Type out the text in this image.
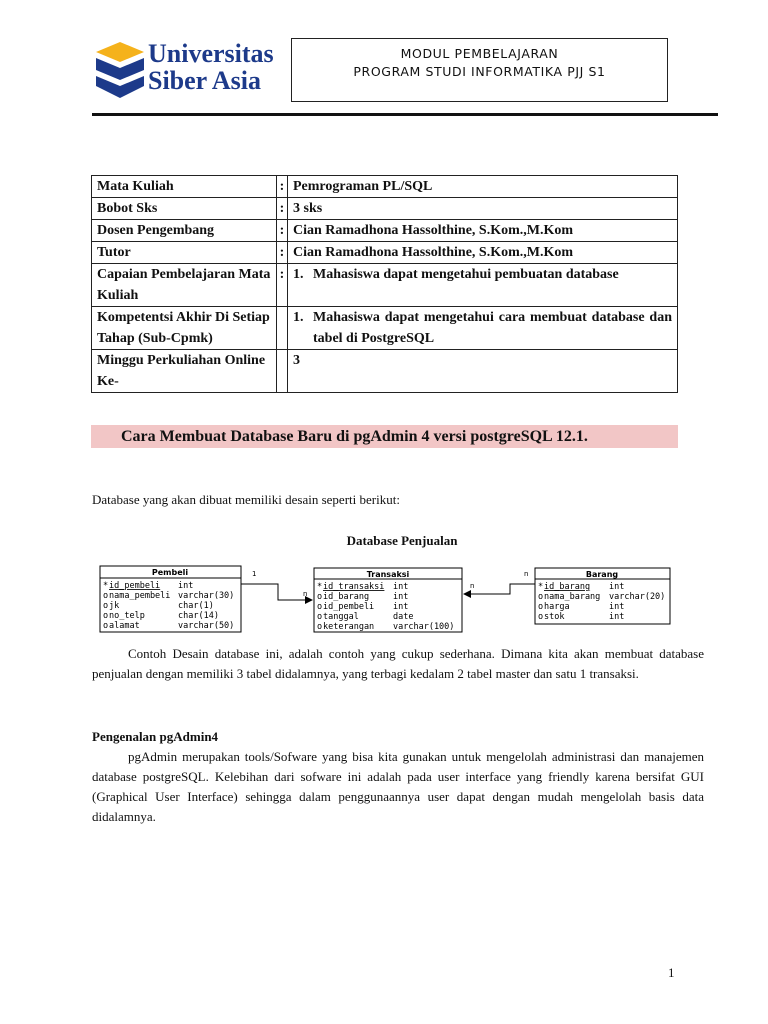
Universitas
Siber Asia
MODUL PEMBELAJARAN
PROGRAM STUDI INFORMATIKA PJJ S1
Mata Kuliah	:	Pemrograman PL/SQL
Bobot Sks	:	3 sks
Dosen Pengembang	:	Cian Ramadhona Hassolthine, S.Kom.,M.Kom
Tutor	:	Cian Ramadhona Hassolthine, S.Kom.,M.Kom
Capaian Pembelajaran Mata Kuliah	:	1. Mahasiswa dapat mengetahui pembuatan database

Kompetentsi Akhir Di Setiap Tahap (Sub-Cpmk)		1. Mahasiswa dapat mengetahui cara membuat database dan tabel di PostgreSQL

Minggu Perkuliahan Online Ke-		3
Cara Membuat Database Baru di pgAdmin 4 versi postgreSQL 12.1.
Database yang akan dibuat memiliki desain seperti berikut:
Database Penjualan
Pembeli
* id_pembeli int
o nama_pembeli varchar(30)
o jk	char(1)
o no_telp	char(14)
o alamat	varchar(50)
Transaksi
* id_transaksi int
o id_barang	int
o id_pembeli int
o tanggal	date
o keterangan varchar(100)
Barang
* id_barang int
o nama_barang varchar(20)
o harga	int
o stok	int
1
n
n
n

Contoh Desain database ini, adalah contoh yang cukup sederhana. Dimana kita akan membuat database penjualan dengan memiliki 3 tabel didalamnya, yang terbagi kedalam 2 tabel master dan satu 1 transaksi.

Pengenalan pgAdmin4

pgAdmin merupakan tools/Sofware yang bisa kita gunakan untuk mengelolah administrasi dan manajemen database postgreSQL. Kelebihan dari sofware ini adalah pada user interface yang friendly karena bersifat GUI (Graphical User Interface) sehingga dalam penggunaannya user dapat dengan mudah mengelolah basis data didalamnya.

1
